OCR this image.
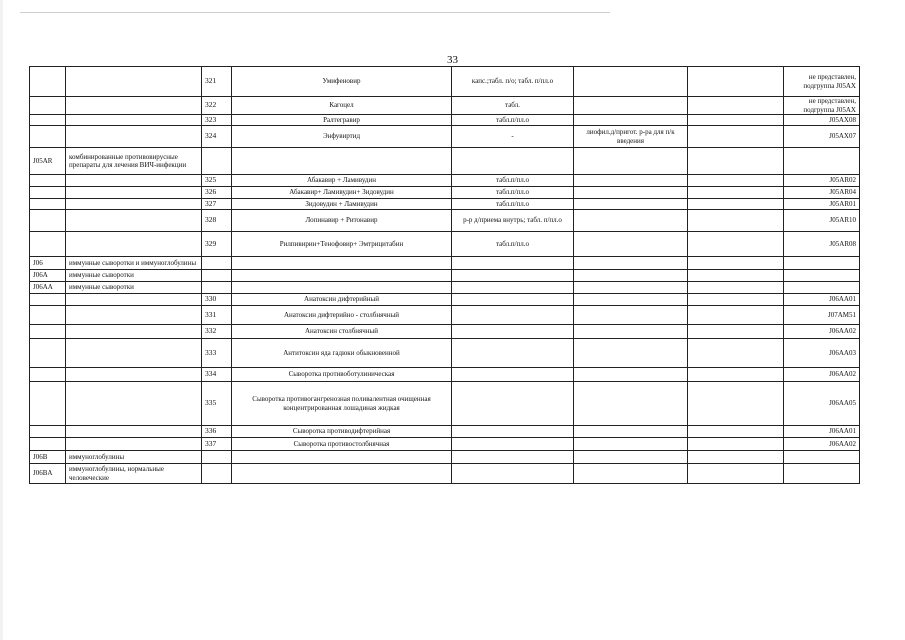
33
		321	Умифеновир	капс.;табл. п/о; табл. п/пл.о			не представлен, подгруппа J05AX
		322	Кагоцел	табл.			не представлен, подгруппа J05AX
		323	Ралтегравир	табл.п/пл.о			J05AX08
		324	Энфувиртид	-	лиофил.д/пригот. р-ра для п/к введения		J05AX07
J05AR	комбинированные противовирусные препараты для лечения ВИЧ-инфекции						
		325	Абакавир + Ламивудин	табл.п/пл.о			J05AR02
		326	Абакавир+ Ламивудин+ Зидовудин	табл.п/пл.о			J05AR04
		327	Зидовудин + Ламивудин	табл.п/пл.о			J05AR01
		328	Лопинавир + Ритонавир	р-р д/приема внутрь; табл. п/пл.о			J05AR10
		329	Рилпивирин+Тенофовир+ Эмтрицитабин	табл.п/пл.о			J05AR08
J06	иммунные сыворотки и иммуноглобулины						
J06A	иммунные сыворотки						
J06AA	иммунные сыворотки						
		330	Анатоксин дифтерийный				J06AA01
		331	Анатоксин дифтерийно - столбнячный				J07AM51
		332	Анатоксин столбнячный				J06AA02
		333	Антитоксин яда гадюки обыкновенной				J06AA03
		334	Сыворотка противоботулиническая				J06AA02
		335	Сыворотка противогангренозная поливалентная очищенная концентрированная лошадиная жидкая				J06AA05
		336	Сыворотка противодифтерийная				J06AA01
		337	Сыворотка противостолбнячная				J06AA02
J06B	иммуноглобулины						
J06BA	иммуноглобулины, нормальные человеческие						
